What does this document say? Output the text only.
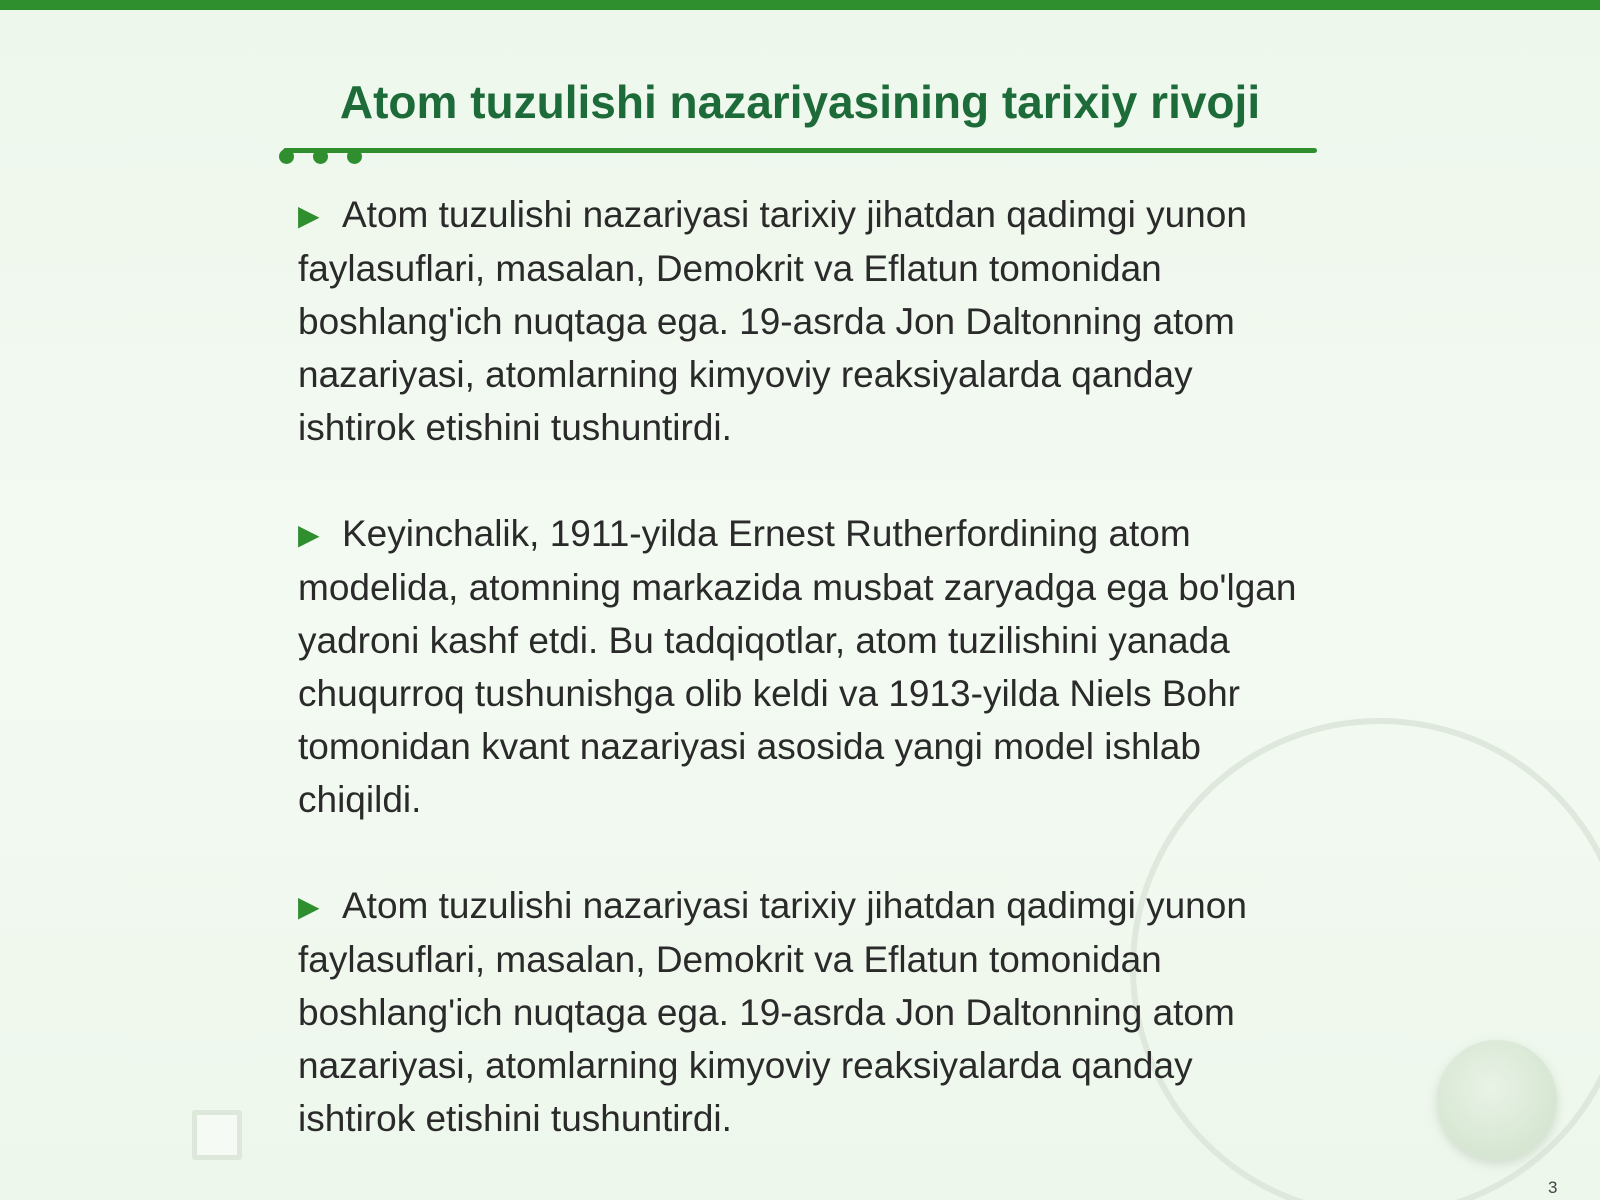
Atom tuzulishi nazariyasining tarixiy rivoji

▶ Atom tuzulishi nazariyasi tarixiy jihatdan qadimgi yunon faylasuflari, masalan, Demokrit va Eflatun tomonidan boshlang'ich nuqtaga ega. 19-asrda Jon Daltonning atom nazariyasi, atomlarning kimyoviy reaksiyalarda qanday ishtirok etishini tushuntirdi.

▶ Keyinchalik, 1911-yilda Ernest Rutherfordining atom modelida, atomning markazida musbat zaryadga ega bo'lgan yadroni kashf etdi. Bu tadqiqotlar, atom tuzilishini yanada chuqurroq tushunishga olib keldi va 1913-yilda Niels Bohr tomonidan kvant nazariyasi asosida yangi model ishlab chiqildi.

▶ Atom tuzulishi nazariyasi tarixiy jihatdan qadimgi yunon faylasuflari, masalan, Demokrit va Eflatun tomonidan boshlang'ich nuqtaga ega. 19-asrda Jon Daltonning atom nazariyasi, atomlarning kimyoviy reaksiyalarda qanday ishtirok etishini tushuntirdi.

3
